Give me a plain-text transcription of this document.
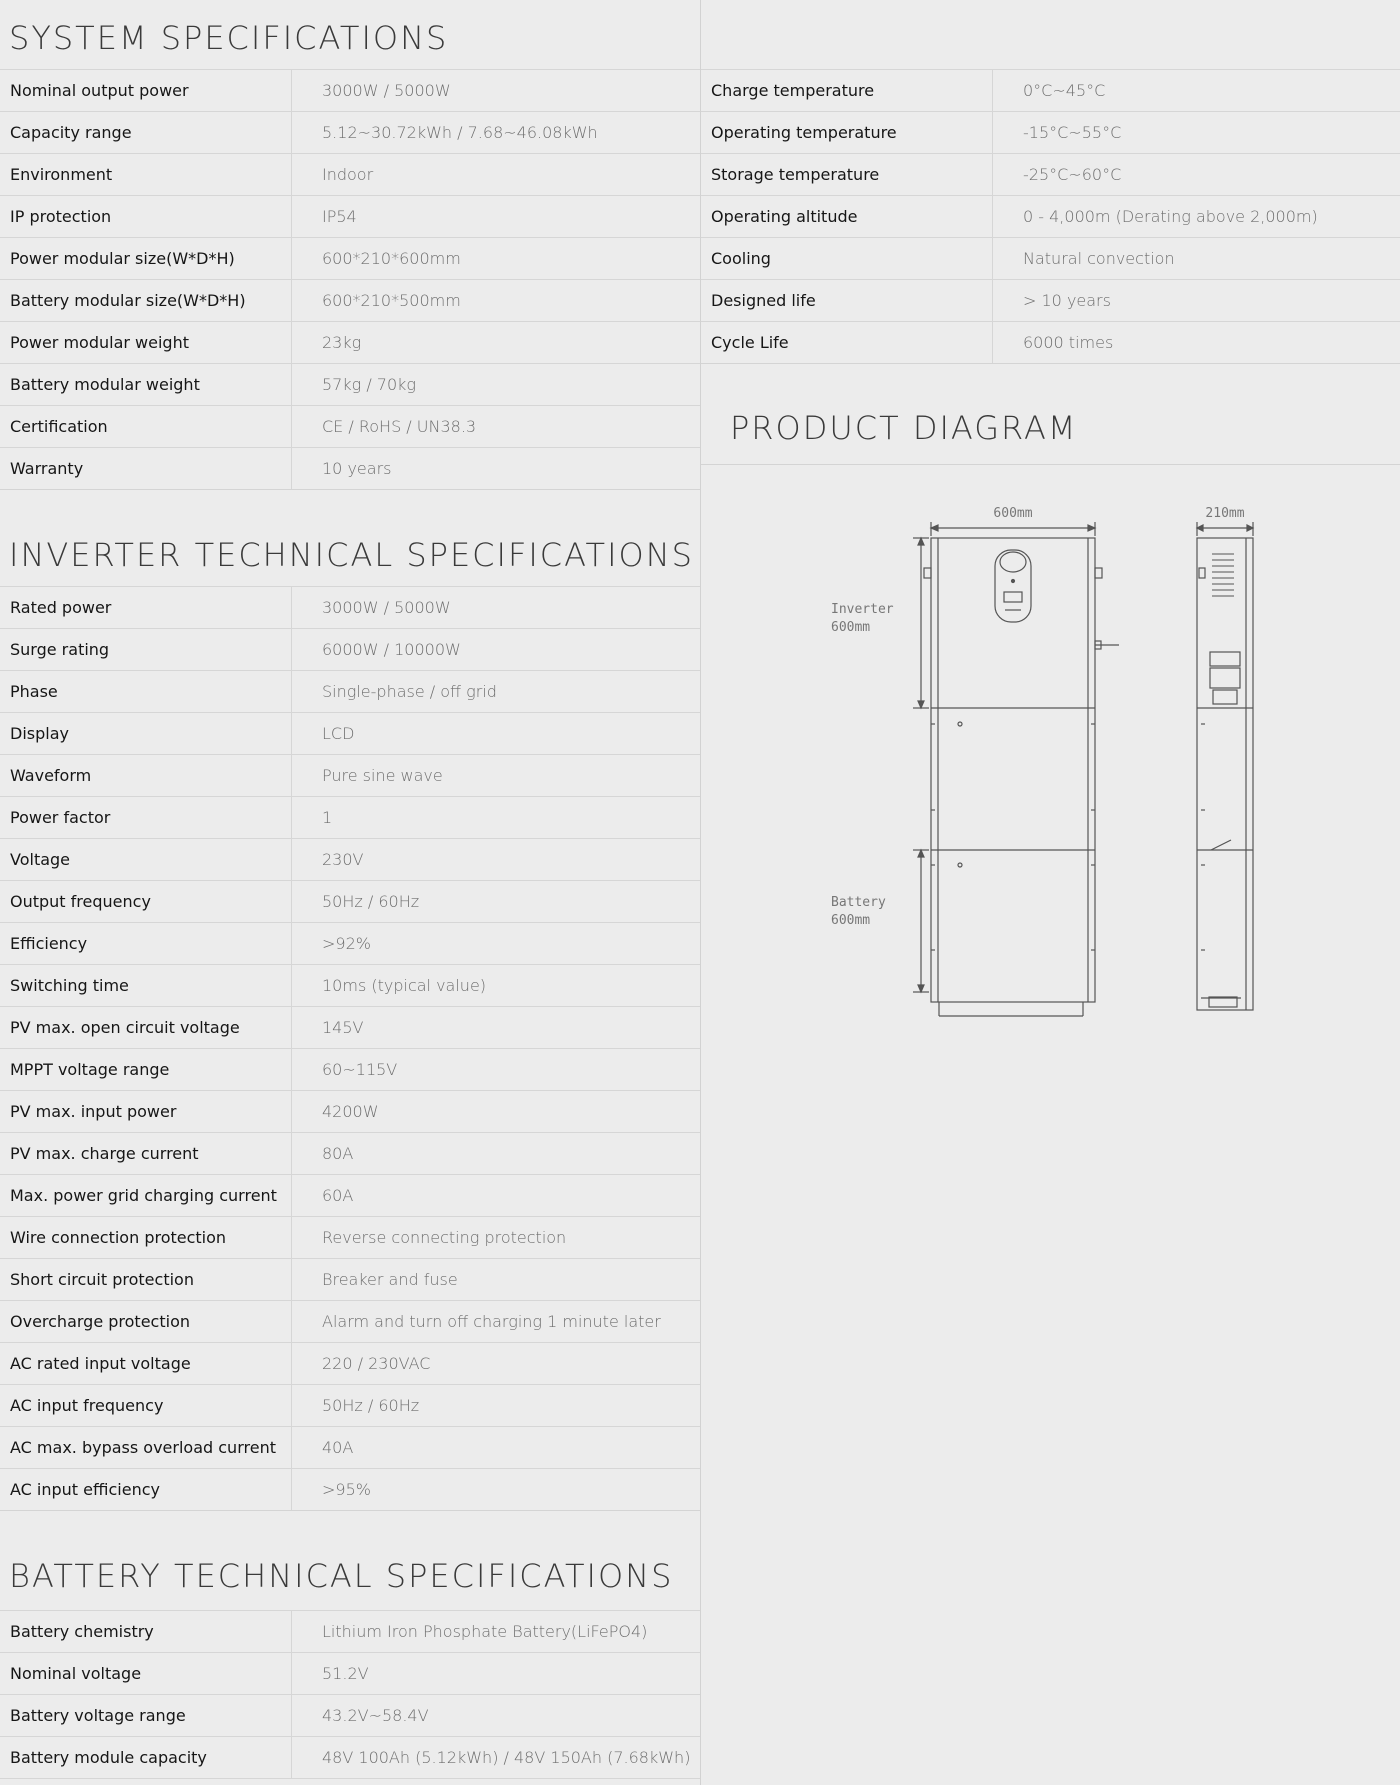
SYSTEM SPECIFICATIONS
Nominal output power	3000W / 5000W
Capacity range	5.12~30.72kWh / 7.68~46.08kWh
Environment	Indoor
IP protection	IP54
Power modular size(W*D*H)	600*210*600mm
Battery modular size(W*D*H)	600*210*500mm
Power modular weight	23kg
Battery modular weight	57kg / 70kg
Certification	CE / RoHS / UN38.3
Warranty	10 years
INVERTER TECHNICAL SPECIFICATIONS
Rated power	3000W / 5000W
Surge rating	6000W / 10000W
Phase	Single-phase / off grid
Display	LCD
Waveform	Pure sine wave
Power factor	1
Voltage	230V
Output frequency	50Hz / 60Hz
Efficiency	>92%
Switching time	10ms (typical value)
PV max. open circuit voltage	145V
MPPT voltage range	60~115V
PV max. input power	4200W
PV max. charge current	80A
Max. power grid charging current	60A
Wire connection protection	Reverse connecting protection
Short circuit protection	Breaker and fuse
Overcharge protection	Alarm and turn off charging 1 minute later
AC rated input voltage	220 / 230VAC
AC input frequency	50Hz / 60Hz
AC max. bypass overload current	40A
AC input efficiency	>95%
BATTERY TECHNICAL SPECIFICATIONS
Battery chemistry	Lithium Iron Phosphate Battery(LiFePO4)
Nominal voltage	51.2V
Battery voltage range	43.2V~58.4V
Battery module capacity	48V 100Ah (5.12kWh) / 48V 150Ah (7.68kWh)
Charge temperature	0°C~45°C
Operating temperature	-15°C~55°C
Storage temperature	-25°C~60°C
Operating altitude	0 - 4,000m (Derating above 2,000m)
Cooling	Natural convection
Designed life	> 10 years
Cycle Life	6000 times
PRODUCT DIAGRAM
600mm	210mm
Inverter
600mm
Battery
600mm
